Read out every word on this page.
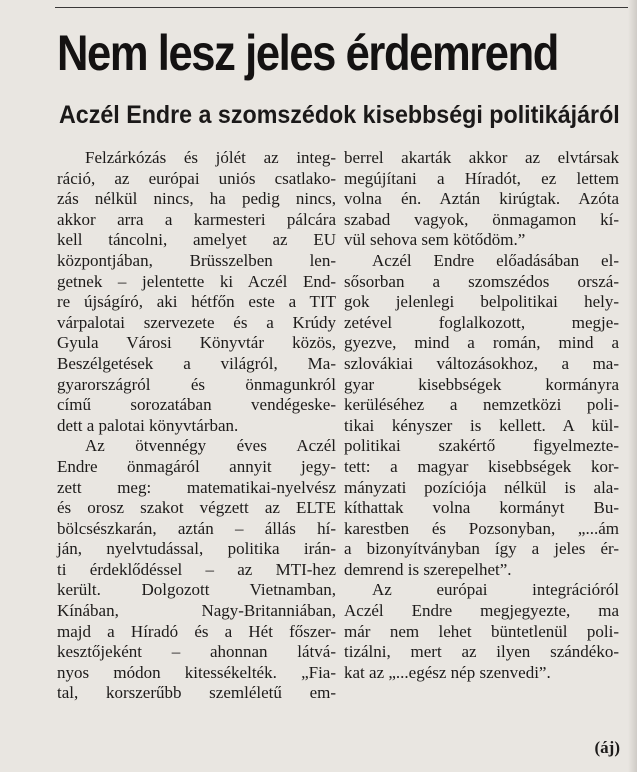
Nem lesz jeles érdemrend
Aczél Endre a szomszédok kisebbségi politikájáról
Felzárkózás és jólét az integ-
ráció, az európai uniós csatlako-
zás nélkül nincs, ha pedig nincs,
akkor arra a karmesteri pálcára
kell táncolni, amelyet az EU
központjában, Brüsszelben len-
getnek – jelentette ki Aczél End-
re újságíró, aki hétfőn este a TIT
várpalotai szervezete és a Krúdy
Gyula Városi Könyvtár közös,
Beszélgetések a világról, Ma-
gyarországról és önmagunkról
című sorozatában vendégeske-
dett a palotai könyvtárban.
Az ötvennégy éves Aczél
Endre önmagáról annyit jegy-
zett meg: matematikai-nyelvész
és orosz szakot végzett az ELTE
bölcsészkarán, aztán – állás hí-
ján, nyelvtudással, politika irán-
ti érdeklődéssel – az MTI-hez
került. Dolgozott Vietnamban,
Kínában, Nagy-Britanniában,
majd a Híradó és a Hét főszer-
kesztőjeként – ahonnan látvá-
nyos módon kitessékelték. „Fia-
tal, korszerűbb szemléletű em-
berrel akarták akkor az elvtársak
megújítani a Híradót, ez lettem
volna én. Aztán kirúgtak. Azóta
szabad vagyok, önmagamon kí-
vül sehova sem kötődöm.”
Aczél Endre előadásában el-
sősorban a szomszédos orszá-
gok jelenlegi belpolitikai hely-
zetével foglalkozott, megje-
gyezve, mind a román, mind a
szlovákiai változásokhoz, a ma-
gyar kisebbségek kormányra
kerüléséhez a nemzetközi poli-
tikai kényszer is kellett. A kül-
politikai szakértő figyelmezte-
tett: a magyar kisebbségek kor-
mányzati pozíciója nélkül is ala-
kíthattak volna kormányt Bu-
karestben és Pozsonyban, „...ám
a bizonyítványban így a jeles ér-
demrend is szerepelhet”.
Az európai integrációról
Aczél Endre megjegyezte, ma
már nem lehet büntetlenül poli-
tizálni, mert az ilyen szándéko-
kat az „...egész nép szenvedi”.
(áj)
